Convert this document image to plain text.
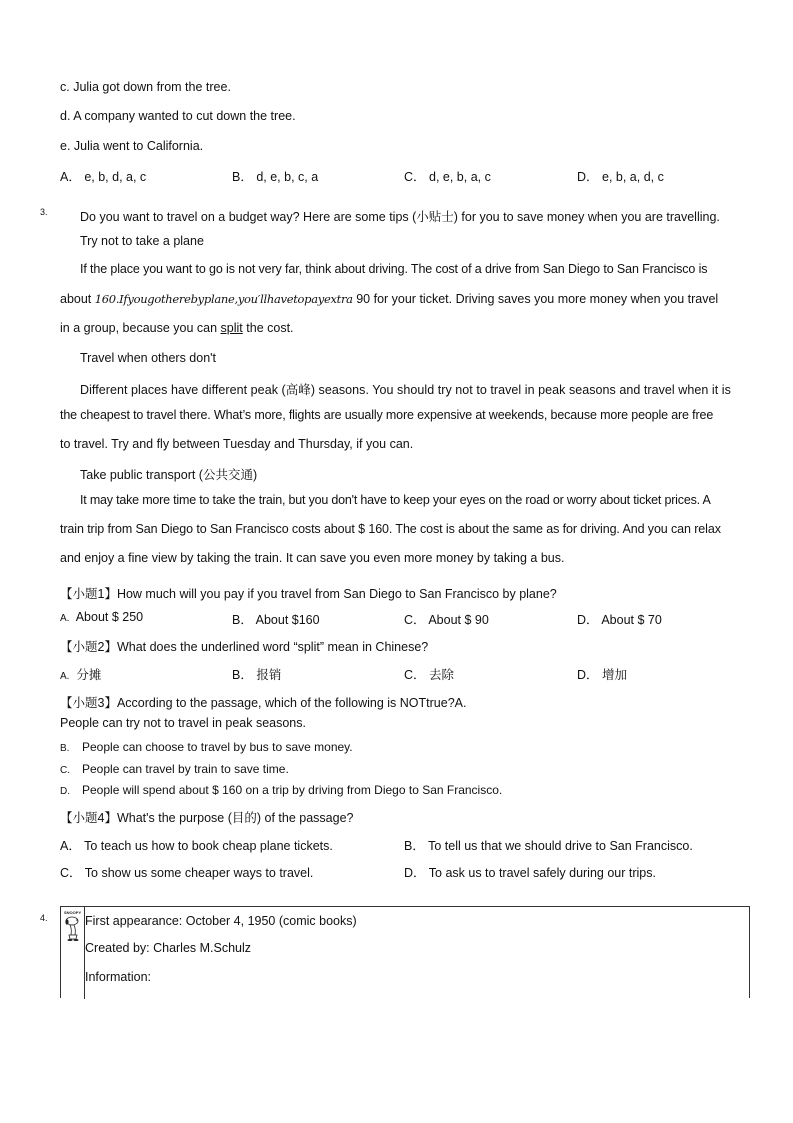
c. Julia got down from the tree.
d. A company wanted to cut down the tree.
e. Julia went to California.
A． e, b, d, a, c	B． d, e, b, c, a	C． d, e, b, a, c	D． e, b, a, d, c
3.	Do you want to travel on a budget way? Here are some tips (小贴士) for you to save money when you are travelling.
Try not to take a plane
If the place you want to go is not very far, think about driving. The cost of a drive from San Diego to San Francisco is
about 160.Ifyougotherebyplane,you′llhavetopayextra 90 for your ticket. Driving saves you more money when you travel
in a group, because you can split the cost.
Travel when others don't
Different places have different peak (高峰) seasons. You should try not to travel in peak seasons and travel when it is
the cheapest to travel there. What’s more, flights are usually more expensive at weekends, because more people are free
to travel. Try and fly between Tuesday and Thursday, if you can.
Take public transport (公共交通)
It may take more time to take the train, but you don't have to keep your eyes on the road or worry about ticket prices. A
train trip from San Diego to San Francisco costs about $ 160. The cost is about the same as for driving. And you can relax
and enjoy a fine view by taking the train. It can save you even more money by taking a bus.
【小题1】How much will you pay if you travel from San Diego to San Francisco by plane?
A. About $ 250	B． About $160	C． About $ 90	D． About $ 70
【小题2】What does the underlined word “split” mean in Chinese?
A. 分摊	B． 报销	C． 去除	D． 增加
【小题3】According to the passage, which of the following is NOTtrue?A.
People can try not to travel in peak seasons.
B. People can choose to travel by bus to save money.
C. People can travel by train to save time.
D. People will spend about $ 160 on a trip by driving from Diego to San Francisco.
【小题4】What's the purpose (目的) of the passage?
A． To teach us how to book cheap plane tickets.	B． To tell us that we should drive to San Francisco.
C． To show us some cheaper ways to travel.	D． To ask us to travel safely during our trips.
4.
SNOOPY
First appearance: October 4, 1950 (comic books)
Created by: Charles M.Schulz
Information:
